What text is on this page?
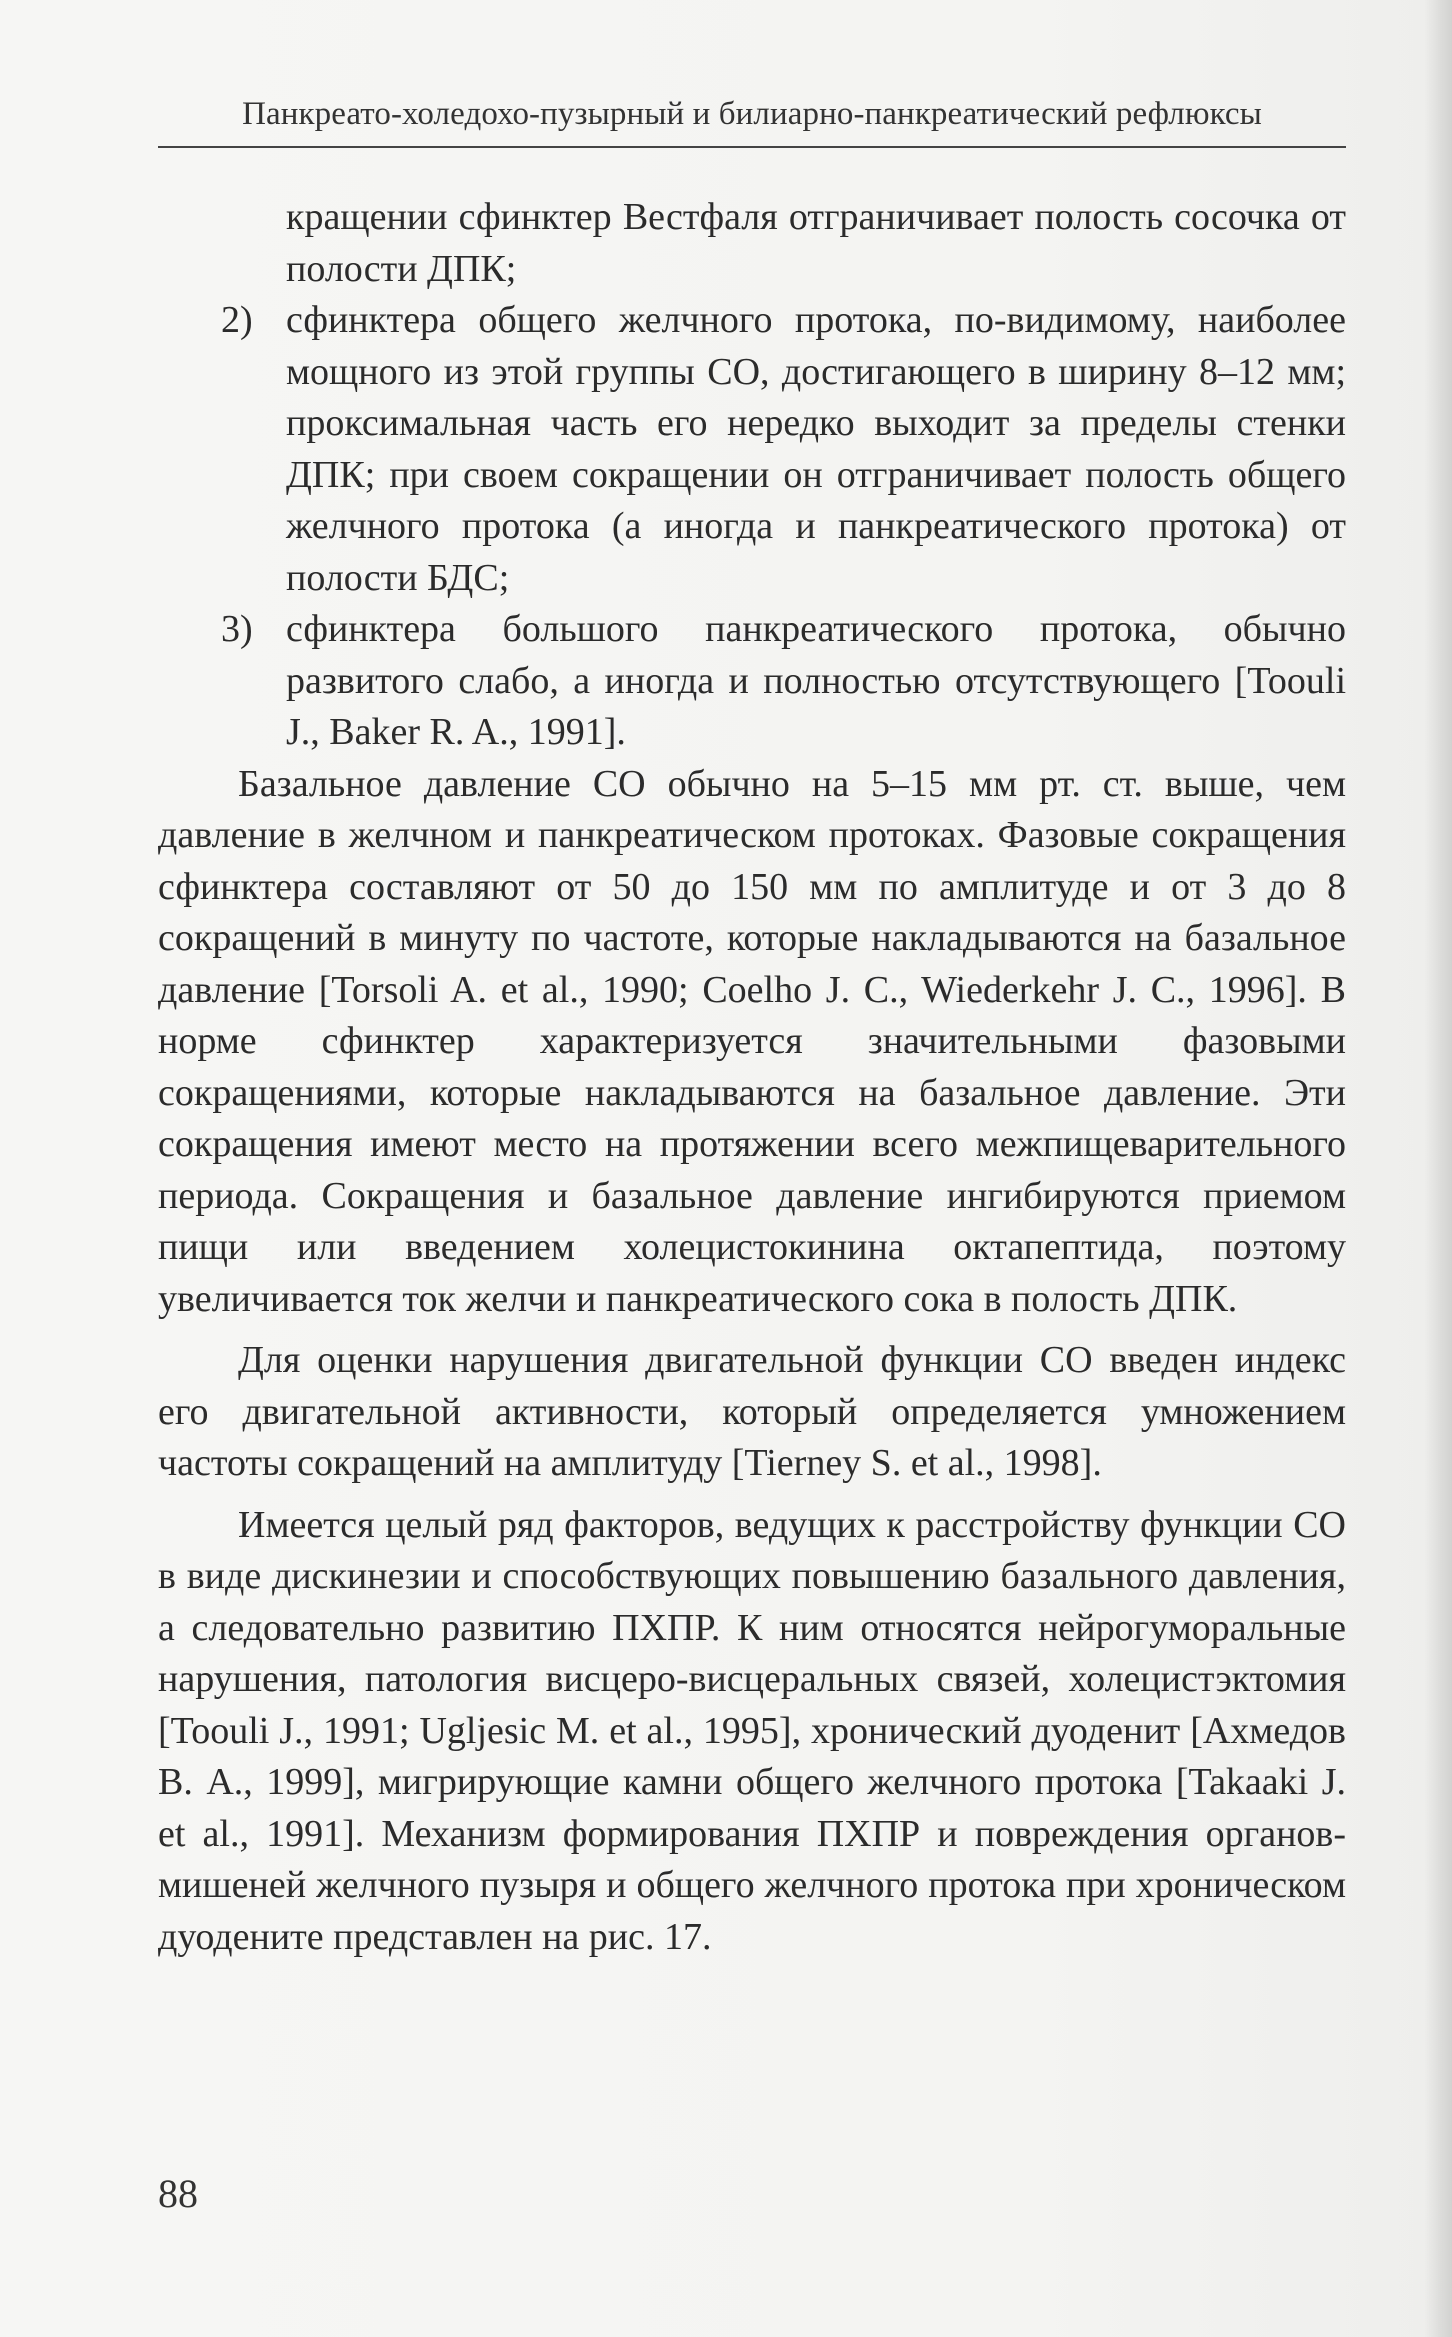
Панкреато-холедохо-пузырный и билиарно-панкреатический рефлюксы

кращении сфинктер Вестфаля отграничивает полость сосочка от полости ДПК;

2) сфинктера общего желчного протока, по-видимому, наиболее мощного из этой группы СО, достигающего в ширину 8–12 мм; проксимальная часть его нередко выходит за пределы стенки ДПК; при своем сокращении он отграничивает полость общего желчного протока (а иногда и панкреатического протока) от полости БДС;

3) сфинктера большого панкреатического протока, обычно развитого слабо, а иногда и полностью отсутствующего [Toouli J., Baker R. A., 1991].

Базальное давление СО обычно на 5–15 мм рт. ст. выше, чем давление в желчном и панкреатическом протоках. Фазовые сокращения сфинктера составляют от 50 до 150 мм по амплитуде и от 3 до 8 сокращений в минуту по частоте, которые накладываются на базальное давление [Torsoli A. et al., 1990; Coelho J. C., Wiederkehr J. C., 1996]. В норме сфинктер характеризуется значительными фазовыми сокращениями, которые накладываются на базальное давление. Эти сокращения имеют место на протяжении всего межпищеварительного периода. Сокращения и базальное давление ингибируются приемом пищи или введением холецистокинина октапептида, поэтому увеличивается ток желчи и панкреатического сока в полость ДПК.

Для оценки нарушения двигательной функции СО введен индекс его двигательной активности, который определяется умножением частоты сокращений на амплитуду [Tierney S. et al., 1998].

Имеется целый ряд факторов, ведущих к расстройству функции СО в виде дискинезии и способствующих повышению базального давления, а следовательно развитию ПХПР. К ним относятся нейрогуморальные нарушения, патология висцеро-висцеральных связей, холецистэктомия [Toouli J., 1991; Ugljesic M. et al., 1995], хронический дуоденит [Ахмедов В. А., 1999], мигрирующие камни общего желчного протока [Takaaki J. et al., 1991]. Механизм формирования ПХПР и повреждения органов-мишеней желчного пузыря и общего желчного протока при хроническом дуодените представлен на рис. 17.

88
